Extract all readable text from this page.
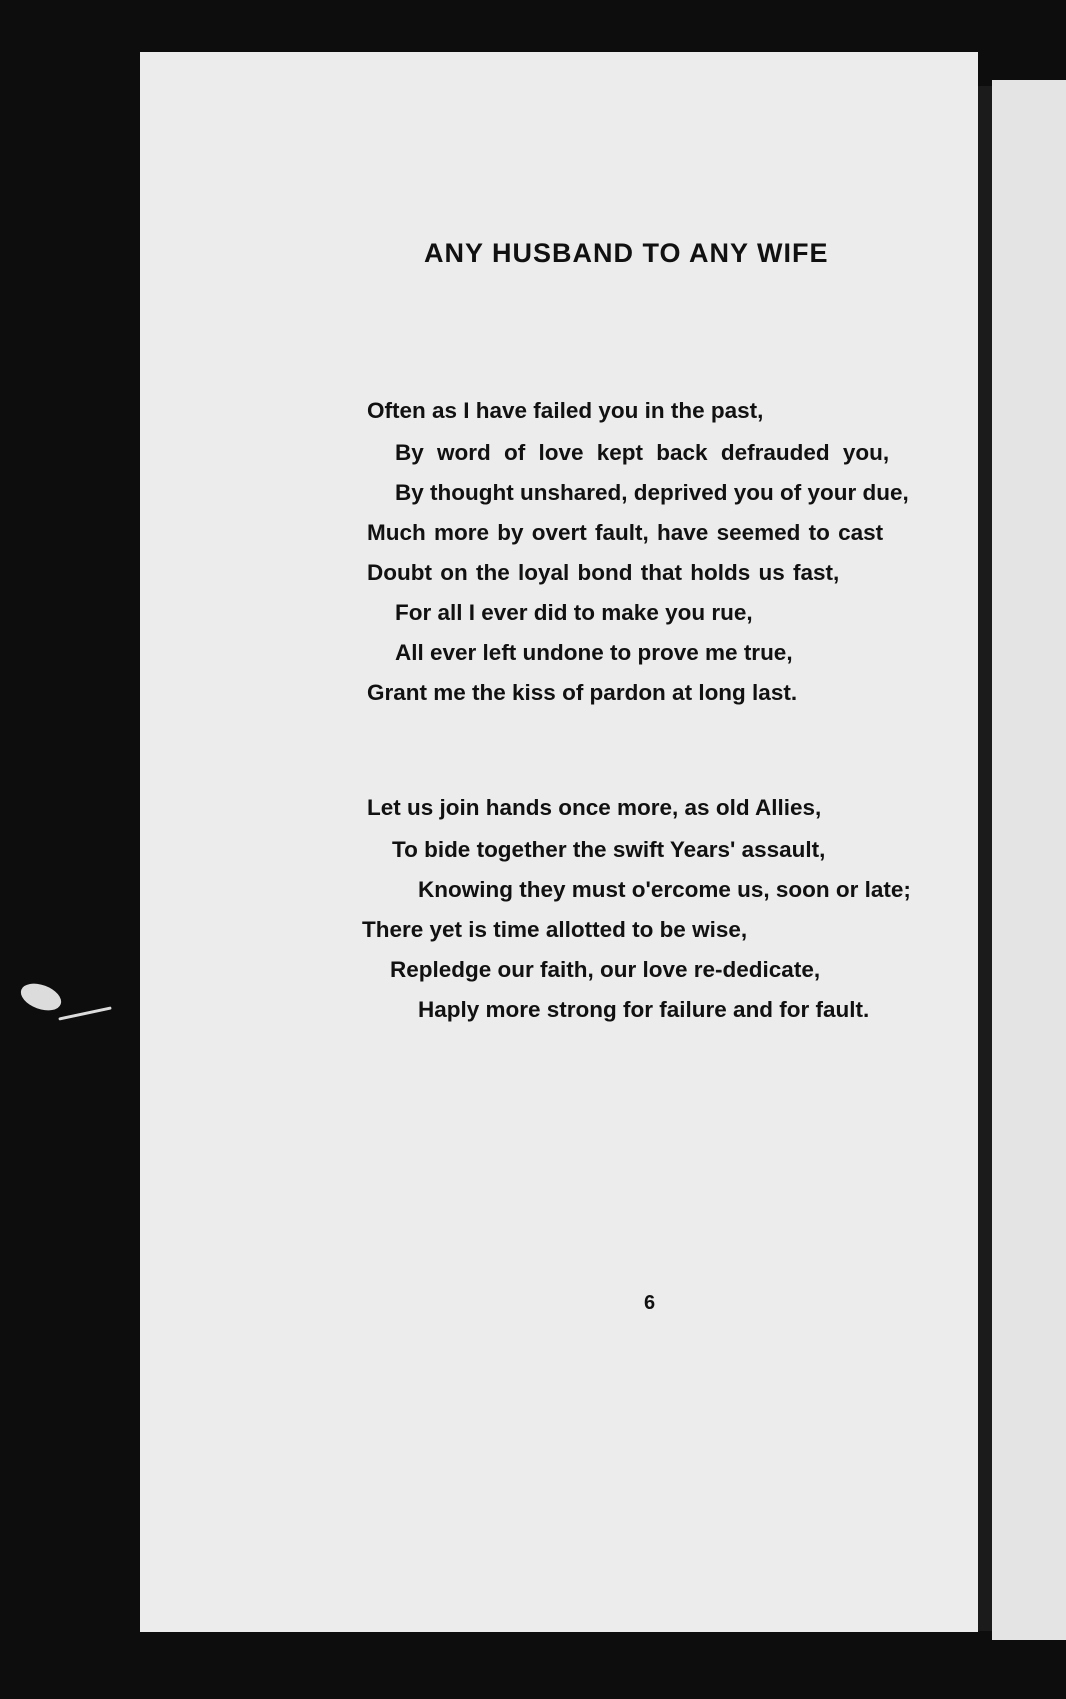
ANY HUSBAND TO ANY WIFE
Often as I have failed you in the past,
By word of love kept back defrauded you,
By thought unshared, deprived you of your due,
Much more by overt fault, have seemed to cast
Doubt on the loyal bond that holds us fast,
For all I ever did to make you rue,
All ever left undone to prove me true,
Grant me the kiss of pardon at long last.
Let us join hands once more, as old Allies,
To bide together the swift Years' assault,
Knowing they must o'ercome us, soon or late;
There yet is time allotted to be wise,
Repledge our faith, our love re-dedicate,
Haply more strong for failure and for fault.
6
